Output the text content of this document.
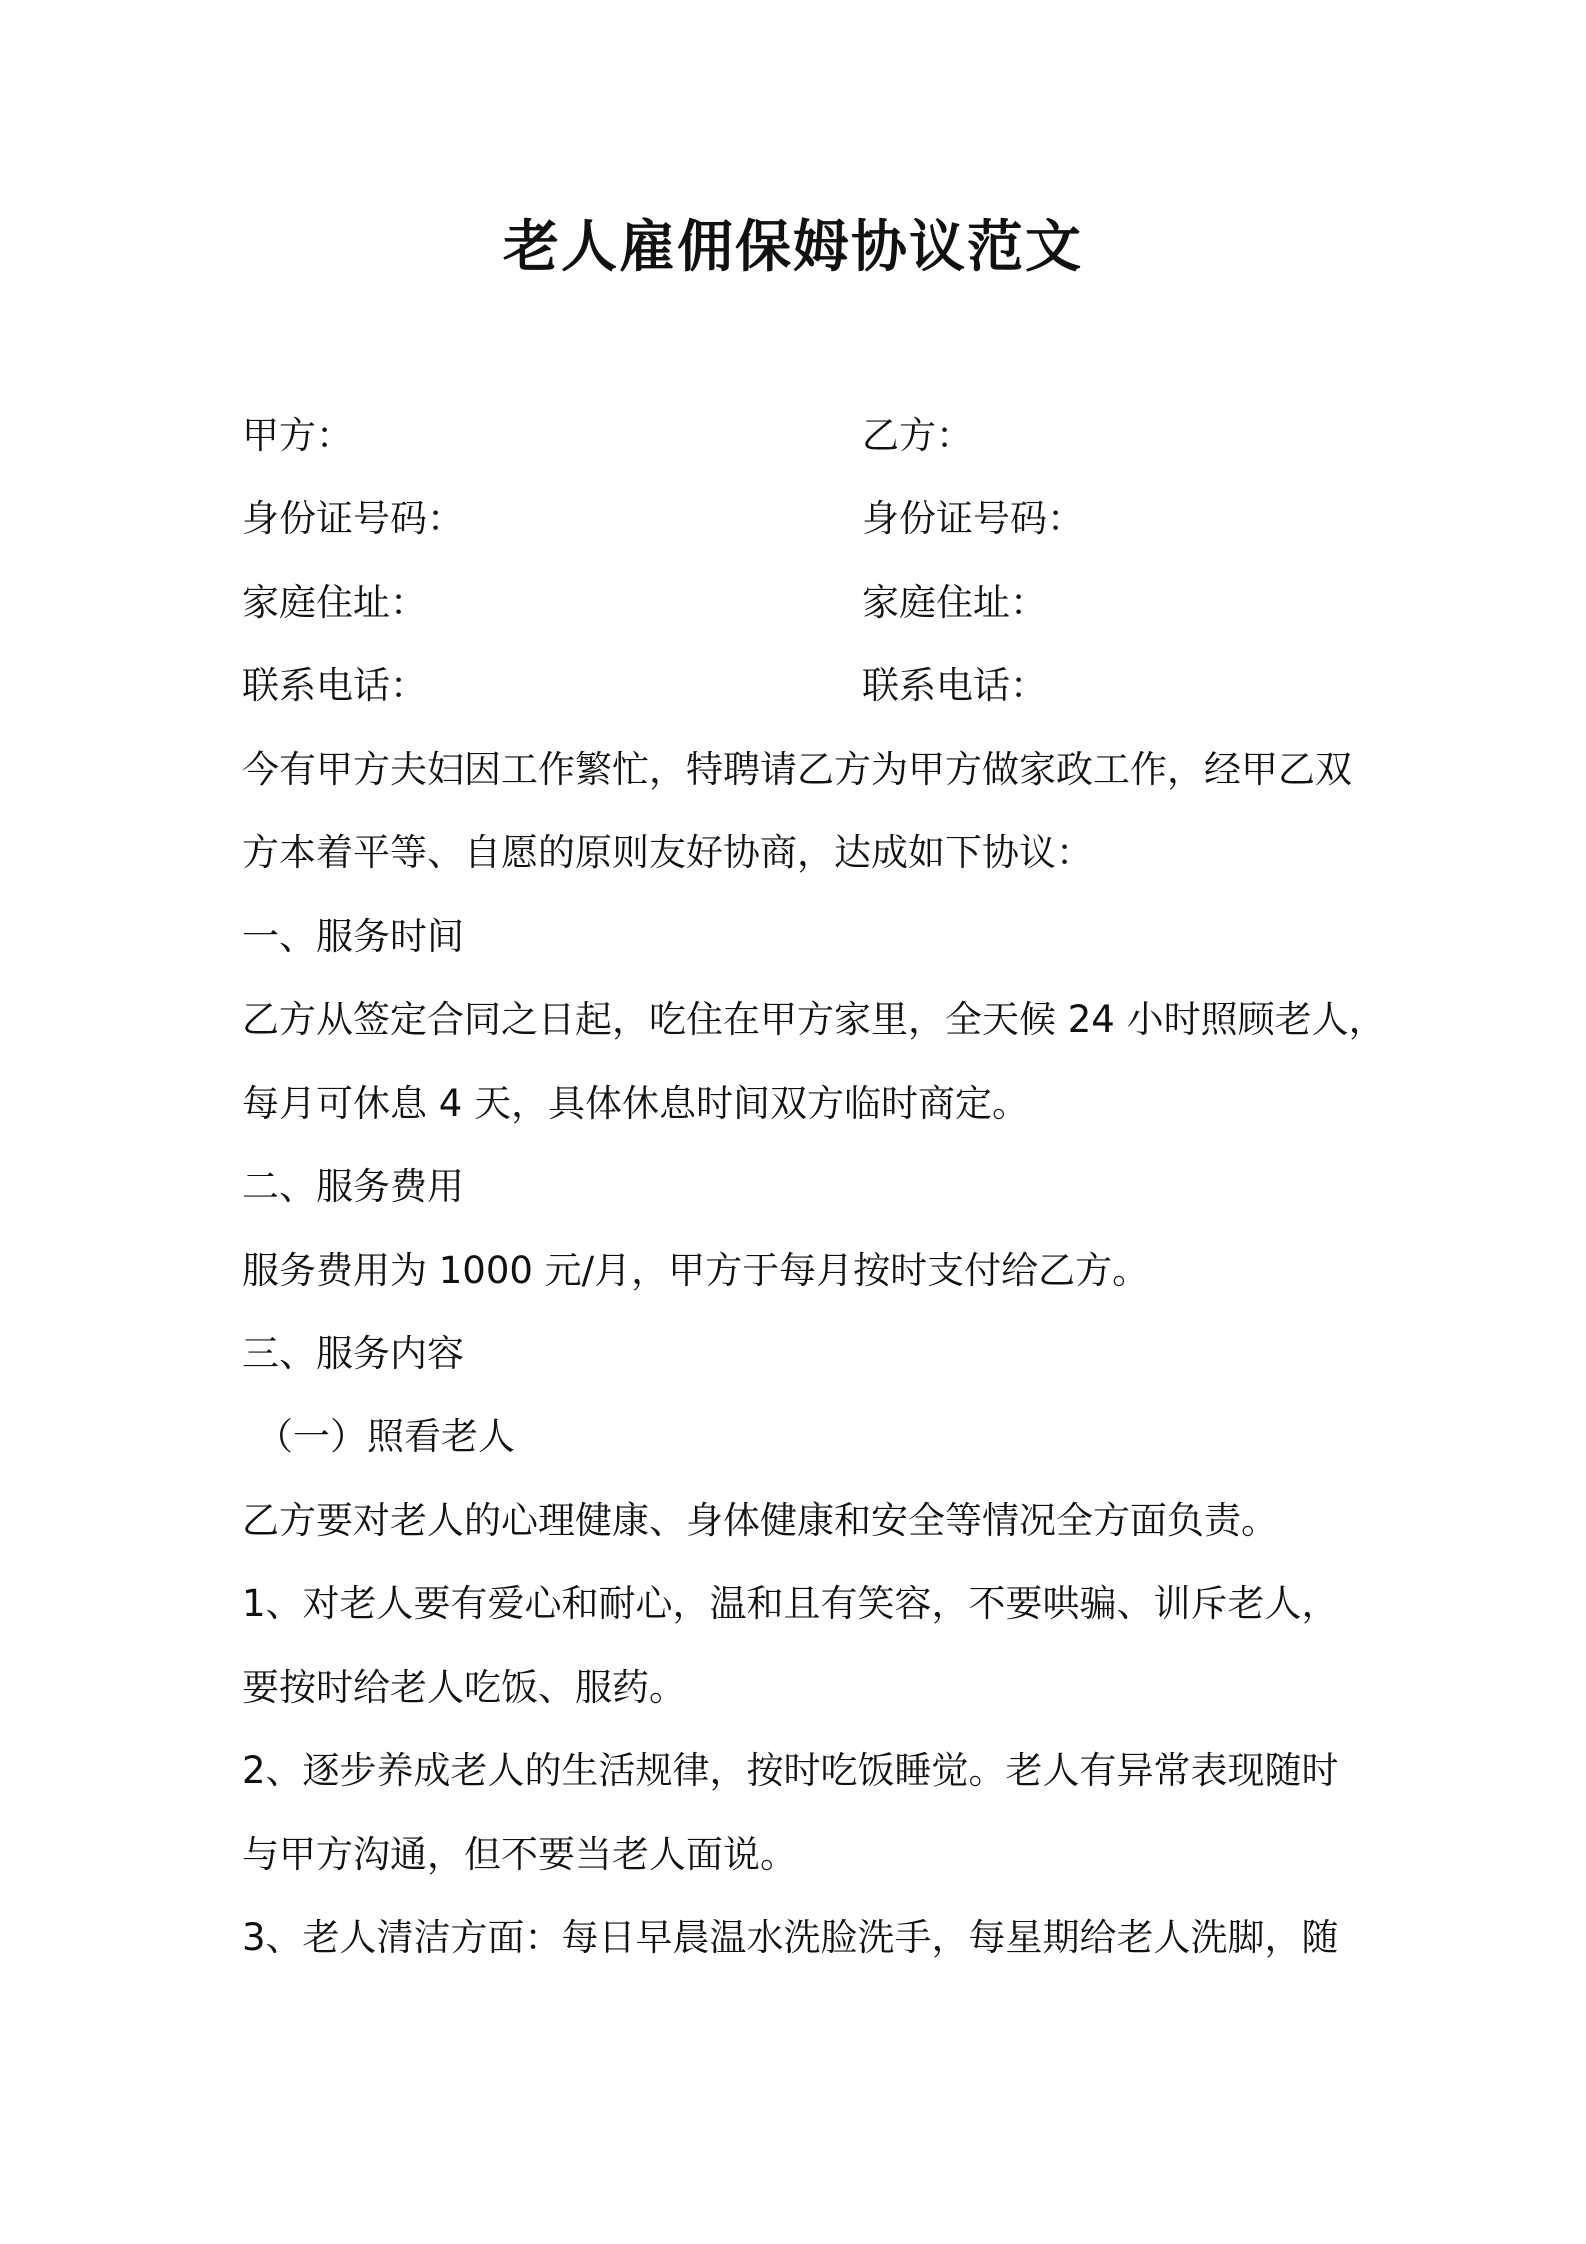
老人雇佣保姆协议范文

甲方：	乙方：

身份证号码：	身份证号码：

家庭住址：	家庭住址：

联系电话：	联系电话：

今有甲方夫妇因工作繁忙，特聘请乙方为甲方做家政工作，经甲乙双

方本着平等、自愿的原则友好协商，达成如下协议：

一、服务时间

乙方从签定合同之日起，吃住在甲方家里，全天候 24 小时照顾老人，

每月可休息 4 天，具体休息时间双方临时商定。

二、服务费用

服务费用为 1000 元/月，甲方于每月按时支付给乙方。

三、服务内容

（一）照看老人

乙方要对老人的心理健康、身体健康和安全等情况全方面负责。

1、对老人要有爱心和耐心，温和且有笑容，不要哄骗、训斥老人，

要按时给老人吃饭、服药。

2、逐步养成老人的生活规律，按时吃饭睡觉。老人有异常表现随时

与甲方沟通，但不要当老人面说。

3、老人清洁方面：每日早晨温水洗脸洗手，每星期给老人洗脚，随
